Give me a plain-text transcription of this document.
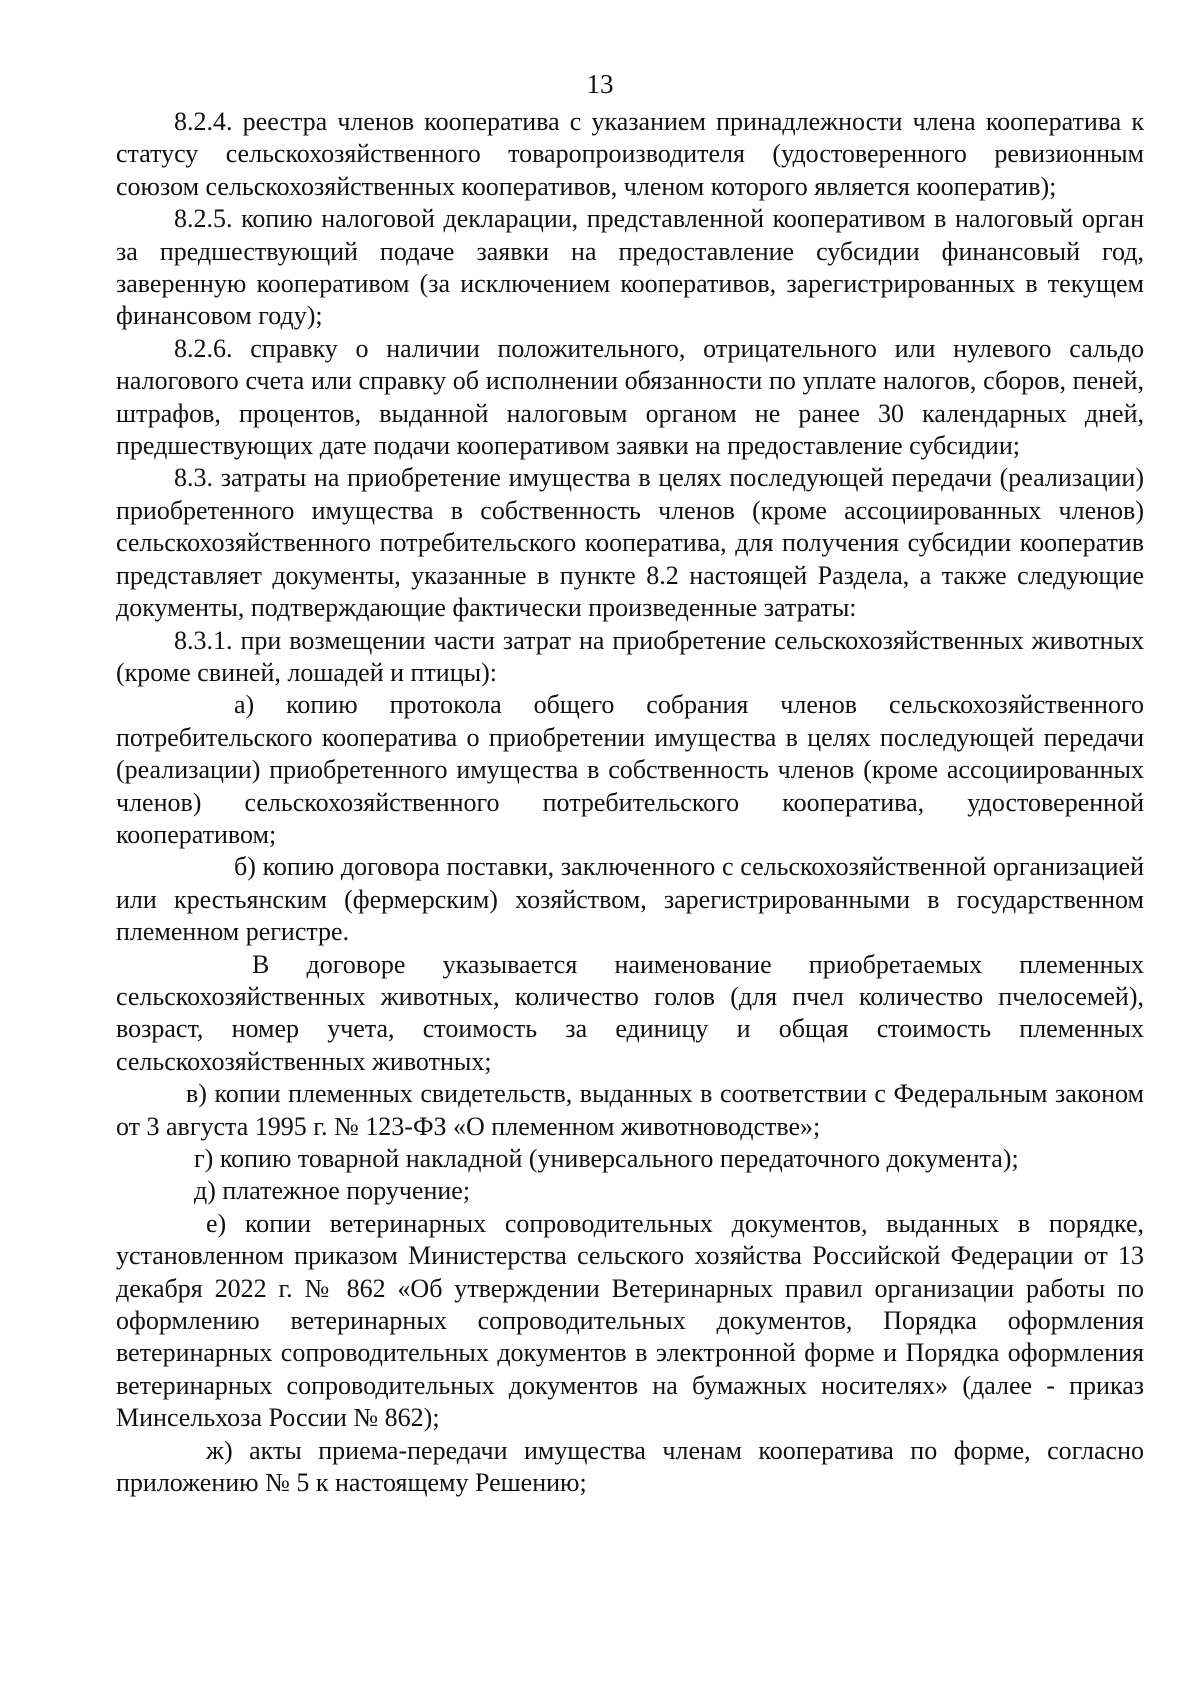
13

8.2.4. реестра членов кооператива с указанием принадлежности члена кооператива к статусу сельскохозяйственного товаропроизводителя (удостоверенного ревизионным союзом сельскохозяйственных кооперативов, членом которого является кооператив);

8.2.5. копию налоговой декларации, представленной кооперативом в налоговый орган за предшествующий подаче заявки на предоставление субсидии финансовый год, заверенную кооперативом (за исключением кооперативов, зарегистрированных в текущем финансовом году);

8.2.6. справку о наличии положительного, отрицательного или нулевого сальдо налогового счета или справку об исполнении обязанности по уплате налогов, сборов, пеней, штрафов, процентов, выданной налоговым органом не ранее 30 календарных дней, предшествующих дате подачи кооперативом заявки на предоставление субсидии;

8.3. затраты на приобретение имущества в целях последующей передачи (реализации) приобретенного имущества в собственность членов (кроме ассоциированных членов) сельскохозяйственного потребительского кооператива, для получения субсидии кооператив представляет документы, указанные в пункте 8.2 настоящей Раздела, а также следующие документы, подтверждающие фактически произведенные затраты:

8.3.1. при возмещении части затрат на приобретение сельскохозяйственных животных (кроме свиней, лошадей и птицы):

а) копию протокола общего собрания членов сельскохозяйственного потребительского кооператива о приобретении имущества в целях последующей передачи (реализации) приобретенного имущества в собственность членов (кроме ассоциированных членов) сельскохозяйственного потребительского кооператива, удостоверенной кооперативом;

б) копию договора поставки, заключенного с сельскохозяйственной организацией или крестьянским (фермерским) хозяйством, зарегистрированными в государственном племенном регистре.

В договоре указывается наименование приобретаемых племенных сельскохозяйственных животных, количество голов (для пчел количество пчелосемей), возраст, номер учета, стоимость за единицу и общая стоимость племенных сельскохозяйственных животных;

в) копии племенных свидетельств, выданных в соответствии с Федеральным законом от 3 августа 1995 г. № 123-ФЗ «О племенном животноводстве»;

г) копию товарной накладной (универсального передаточного документа);

д) платежное поручение;

е) копии ветеринарных сопроводительных документов, выданных в порядке, установленном приказом Министерства сельского хозяйства Российской Федерации от 13 декабря 2022 г. № 862 «Об утверждении Ветеринарных правил организации работы по оформлению ветеринарных сопроводительных документов, Порядка оформления ветеринарных сопроводительных документов в электронной форме и Порядка оформления ветеринарных сопроводительных документов на бумажных носителях» (далее - приказ Минсельхоза России № 862);

ж) акты приема-передачи имущества членам кооператива по форме, согласно приложению № 5 к настоящему Решению;
